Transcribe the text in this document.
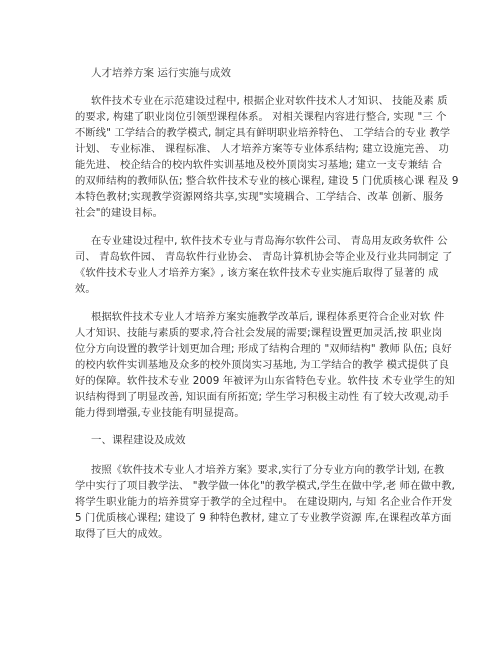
人才培养方案 运行实施与成效
软件技术专业在示范建设过程中, 根据企业对软件技术人才知识、 技能及素 质
的要求, 构建了职业岗位引领型课程体系。 对相关课程内容进行整合, 实现 "三 个
不断线" 工学结合的教学模式, 制定具有鲜明职业培养特色、 工学结合的专业 教学
计划、 专业标准、 课程标准、 人才培养方案等专业体系结构; 建立设施完善、 功
能先进、 校企结合的校内软件实训基地及校外顶岗实习基地; 建立一支专兼结 合
的双师结构的教师队伍; 整合软件技术专业的核心课程, 建设 5 门优质核心课 程及 9
本特色教材;实现教学资源网络共享,实现"实境耦合、工学结合、改革 创新、服务
社会"的建设目标。
在专业建设过程中, 软件技术专业与青岛海尔软件公司、 青岛用友政务软件 公
司、 青岛软件园、 青岛软件行业协会、 青岛计算机协会等企业及行业共同制定 了
《软件技术专业人才培养方案》, 该方案在软件技术专业实施后取得了显著的 成
效。
根据软件技术专业人才培养方案实施教学改革后, 课程体系更符合企业对软 件
人才知识、技能与素质的要求,符合社会发展的需要;课程设置更加灵活,按 职业岗
位分方向设置的教学计划更加合理; 形成了结构合理的 "双师结构" 教师 队伍; 良好
的校内软件实训基地及众多的校外顶岗实习基地, 为工学结合的教学 模式提供了良
好的保障。软件技术专业 2009 年被评为山东省特色专业。软件技 术专业学生的知
识结构得到了明显改善, 知识面有所拓宽; 学生学习积极主动性 有了较大改观,动手
能力得到增强,专业技能有明显提高。
一、课程建设及成效
按照《软件技术专业人才培养方案》要求,实行了分专业方向的教学计划, 在教
学中实行了项目教学法、 "教学做一体化"的教学模式,学生在做中学,老 师在做中教,
将学生职业能力的培养贯穿于教学的全过程中。 在建设期内, 与知 名企业合作开发
5 门优质核心课程; 建设了 9 种特色教材, 建立了专业教学资源 库,在课程改革方面
取得了巨大的成效。
